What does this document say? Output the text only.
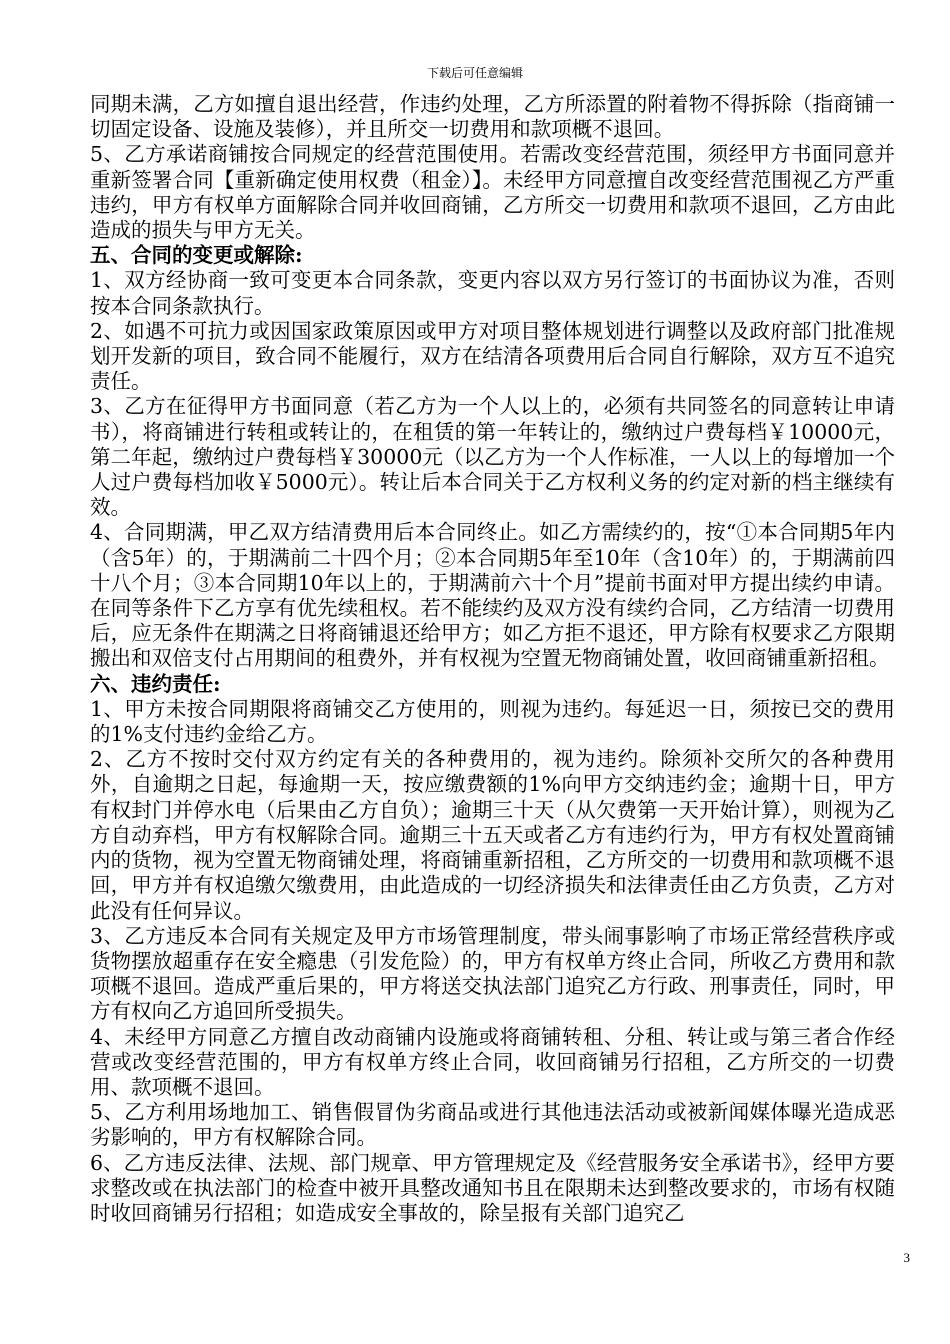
下载后可任意编辑

同期未满，乙方如擅自退出经营，作违约处理，乙方所添置的附着物不得拆除（指商铺一切固定设备、设施及装修），并且所交一切费用和款项概不退回。

5、乙方承诺商铺按合同规定的经营范围使用。若需改变经营范围，须经甲方书面同意并重新签署合同【重新确定使用权费（租金）】。未经甲方同意擅自改变经营范围视乙方严重违约，甲方有权单方面解除合同并收回商铺，乙方所交一切费用和款项不退回，乙方由此造成的损失与甲方无关。

五、合同的变更或解除:

1、双方经协商一致可变更本合同条款，变更内容以双方另行签订的书面协议为准，否则按本合同条款执行。

2、如遇不可抗力或因国家政策原因或甲方对项目整体规划进行调整以及政府部门批准规划开发新的项目，致合同不能履行，双方在结清各项费用后合同自行解除，双方互不追究责任。

3、乙方在征得甲方书面同意（若乙方为一个人以上的，必须有共同签名的同意转让申请书），将商铺进行转租或转让的，在租赁的第一年转让的，缴纳过户费每档￥10000元，第二年起，缴纳过户费每档￥30000元（以乙方为一个人作标准，一人以上的每增加一个人过户费每档加收￥5000元）。转让后本合同关于乙方权利义务的约定对新的档主继续有效。

4、合同期满，甲乙双方结清费用后本合同终止。如乙方需续约的，按“①本合同期5年内（含5年）的，于期满前二十四个月；②本合同期5年至10年（含10年）的，于期满前四十八个月；③本合同期10年以上的，于期满前六十个月”提前书面对甲方提出续约申请。在同等条件下乙方享有优先续租权。若不能续约及双方没有续约合同，乙方结清一切费用后，应无条件在期满之日将商铺退还给甲方；如乙方拒不退还，甲方除有权要求乙方限期搬出和双倍支付占用期间的租费外，并有权视为空置无物商铺处置，收回商铺重新招租。

六、违约责任:

1、甲方未按合同期限将商铺交乙方使用的，则视为违约。每延迟一日，须按已交的费用的1%支付违约金给乙方。

2、乙方不按时交付双方约定有关的各种费用的，视为违约。除须补交所欠的各种费用外，自逾期之日起，每逾期一天，按应缴费额的1%向甲方交纳违约金；逾期十日，甲方有权封门并停水电（后果由乙方自负）；逾期三十天（从欠费第一天开始计算），则视为乙方自动弃档，甲方有权解除合同。逾期三十五天或者乙方有违约行为，甲方有权处置商铺内的货物，视为空置无物商铺处理，将商铺重新招租，乙方所交的一切费用和款项概不退回，甲方并有权追缴欠缴费用，由此造成的一切经济损失和法律责任由乙方负责，乙方对此没有任何异议。

3、乙方违反本合同有关规定及甲方市场管理制度，带头闹事影响了市场正常经营秩序或货物摆放超重存在安全瘾患（引发危险）的，甲方有权单方终止合同，所收乙方费用和款项概不退回。造成严重后果的，甲方将送交执法部门追究乙方行政、刑事责任，同时，甲方有权向乙方追回所受损失。

4、未经甲方同意乙方擅自改动商铺内设施或将商铺转租、分租、转让或与第三者合作经营或改变经营范围的，甲方有权单方终止合同，收回商铺另行招租，乙方所交的一切费用、款项概不退回。

5、乙方利用场地加工、销售假冒伪劣商品或进行其他违法活动或被新闻媒体曝光造成恶劣影响的，甲方有权解除合同。

6、乙方违反法律、法规、部门规章、甲方管理规定及《经营服务安全承诺书》，经甲方要求整改或在执法部门的检查中被开具整改通知书且在限期未达到整改要求的，市场有权随时收回商铺另行招租；如造成安全事故的，除呈报有关部门追究乙

3
